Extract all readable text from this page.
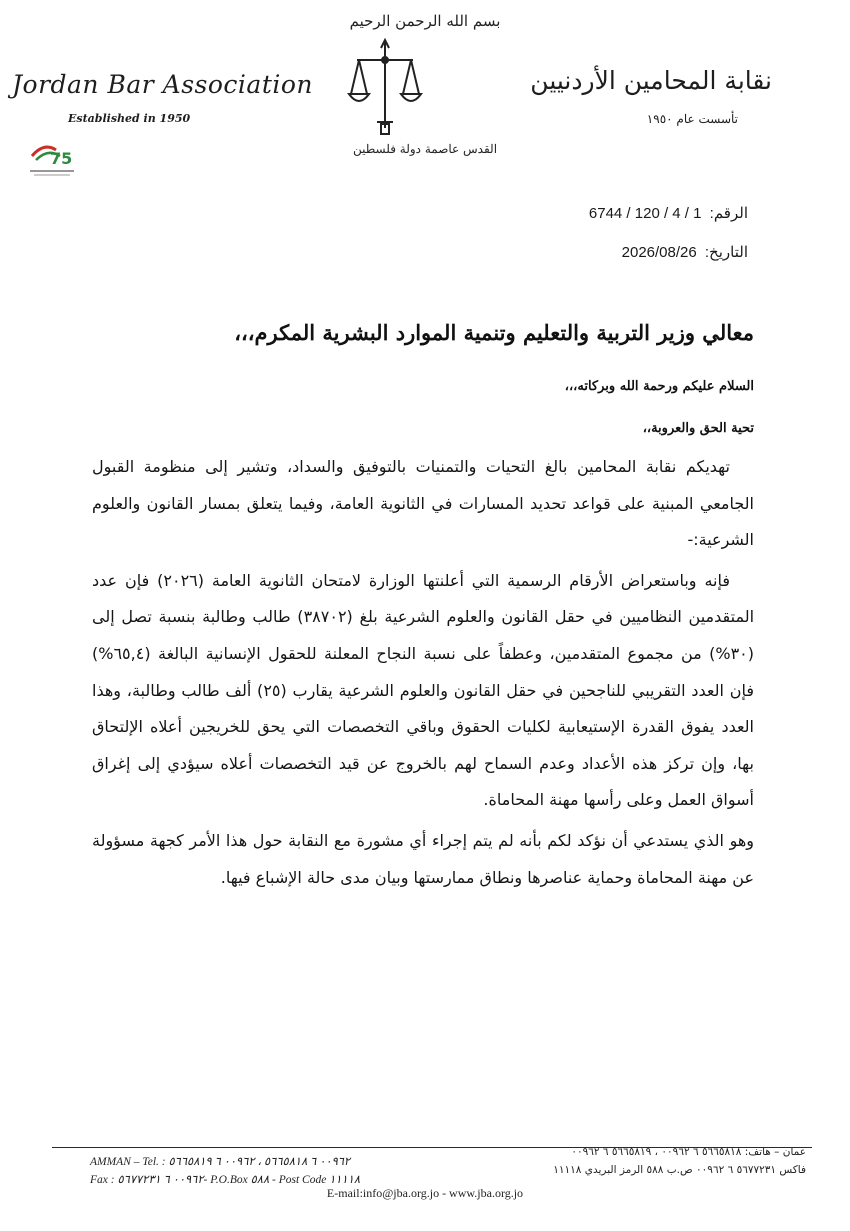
بسم الله الرحمن الرحيم
القدس عاصمة دولة فلسطين
Jordan Bar Association
Established in 1950
75
نقابة المحامين الأردنيين
تأسست عام ١٩٥٠
الرقم: 6744 / 120 / 4 / 1
التاريخ: 2026/08/26
معالي وزير التربية والتعليم وتنمية الموارد البشرية المكرم،،،
السلام عليكم ورحمة الله وبركاته،،،
تحية الحق والعروبة،،

تهديكم نقابة المحامين بالغ التحيات والتمنيات بالتوفيق والسداد، وتشير إلى منظومة القبول الجامعي المبنية على قواعد تحديد المسارات في الثانوية العامة، وفيما يتعلق بمسار القانون والعلوم الشرعية:-

فإنه وباستعراض الأرقام الرسمية التي أعلنتها الوزارة لامتحان الثانوية العامة (٢٠٢٦) فإن عدد المتقدمين النظاميين في حقل القانون والعلوم الشرعية بلغ (٣٨٧٠٢) طالب وطالبة بنسبة تصل إلى (٣٠%) من مجموع المتقدمين، وعطفاً على نسبة النجاح المعلنة للحقول الإنسانية البالغة (٦٥,٤%) فإن العدد التقريبي للناجحين في حقل القانون والعلوم الشرعية يقارب (٢٥) ألف طالب وطالبة، وهذا العدد يفوق القدرة الإستيعابية لكليات الحقوق وباقي التخصصات التي يحق للخريجين أعلاه الإلتحاق بها، وإن تركز هذه الأعداد وعدم السماح لهم بالخروج عن قيد التخصصات أعلاه سيؤدي إلى إغراق أسواق العمل وعلى رأسها مهنة المحاماة.

وهو الذي يستدعي أن نؤكد لكم بأنه لم يتم إجراء أي مشورة مع النقابة حول هذا الأمر كجهة مسؤولة عن مهنة المحاماة وحماية عناصرها ونطاق ممارستها وبيان مدى حالة الإشباع فيها.

AMMAN – Tel. : ٠٠٩٦٢ ٦ ٥٦٦٥٨١٨ ، ٠٠٩٦٢ ٦ ٥٦٦٥٨١٩
Fax : ٠٠٩٦٢ ٦ ٥٦٧٧٢٣١- P.O.Box ٥٨٨ - Post Code ١١١١٨
عمان – هاتف: ٥٦٦٥٨١٨ ٦ ٠٠٩٦٢ ، ٥٦٦٥٨١٩ ٦ ٠٠٩٦٢
فاكس ٥٦٧٧٢٣١ ٦ ٠٠٩٦٢ ص.ب ٥٨٨ الرمز البريدي ١١١١٨
E-mail:info@jba.org.jo - www.jba.org.jo
